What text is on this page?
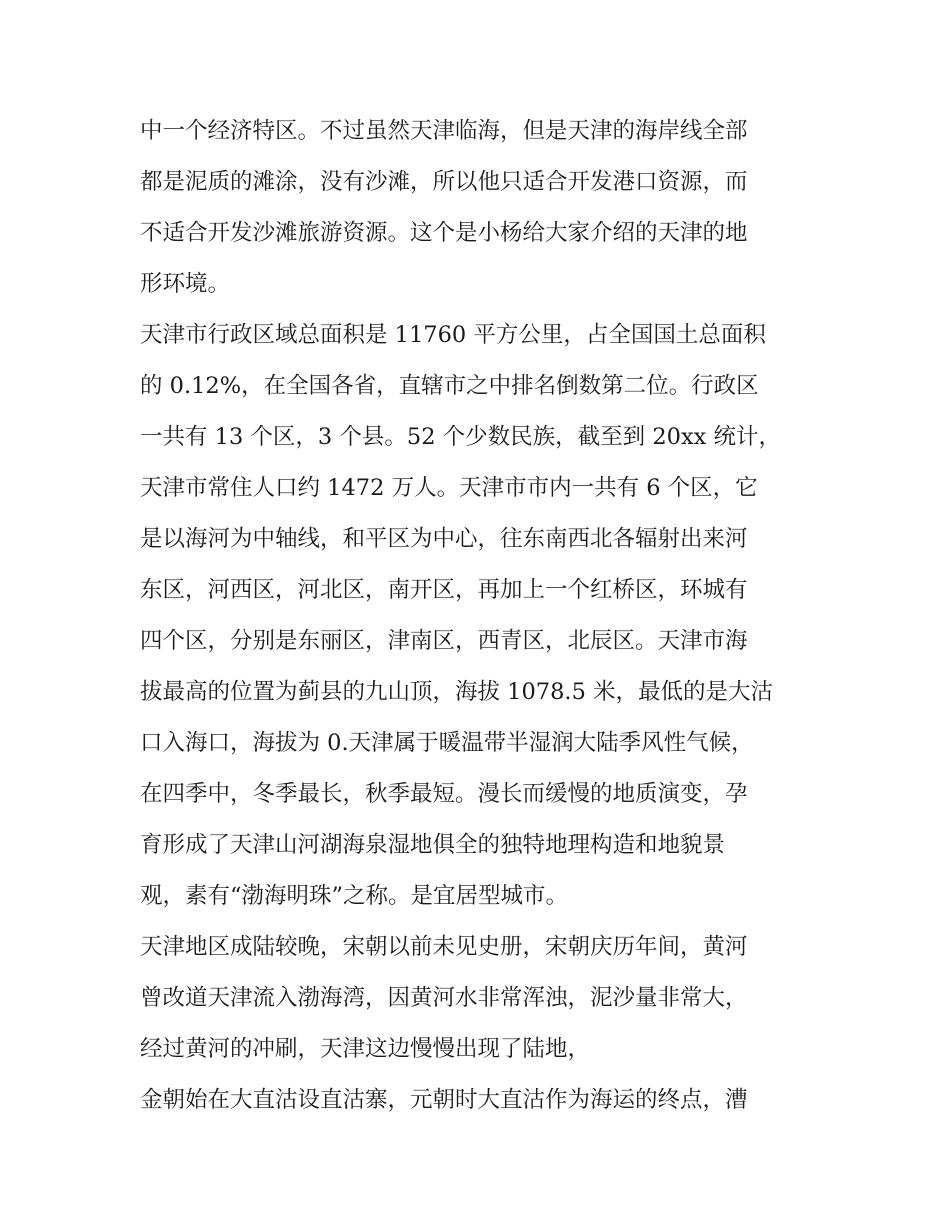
中一个经济特区。不过虽然天津临海，但是天津的海岸线全部
都是泥质的滩涂，没有沙滩，所以他只适合开发港口资源，而
不适合开发沙滩旅游资源。这个是小杨给大家介绍的天津的地
形环境。
天津市行政区域总面积是 11760 平方公里，占全国国土总面积
的 0.12%，在全国各省，直辖市之中排名倒数第二位。行政区
一共有 13 个区，3 个县。52 个少数民族，截至到 20xx 统计，
天津市常住人口约 1472 万人。天津市市内一共有 6 个区，它
是以海河为中轴线，和平区为中心，往东南西北各辐射出来河
东区，河西区，河北区，南开区，再加上一个红桥区，环城有
四个区，分别是东丽区，津南区，西青区，北辰区。天津市海
拔最高的位置为蓟县的九山顶，海拔 1078.5 米，最低的是大沽
口入海口，海拔为 0.天津属于暖温带半湿润大陆季风性气候，
在四季中，冬季最长，秋季最短。漫长而缓慢的地质演变，孕
育形成了天津山河湖海泉湿地俱全的独特地理构造和地貌景
观，素有“渤海明珠”之称。是宜居型城市。
天津地区成陆较晚，宋朝以前未见史册，宋朝庆历年间，黄河
曾改道天津流入渤海湾，因黄河水非常浑浊，泥沙量非常大，
经过黄河的冲刷，天津这边慢慢出现了陆地，
金朝始在大直沽设直沽寨，元朝时大直沽作为海运的终点，漕
